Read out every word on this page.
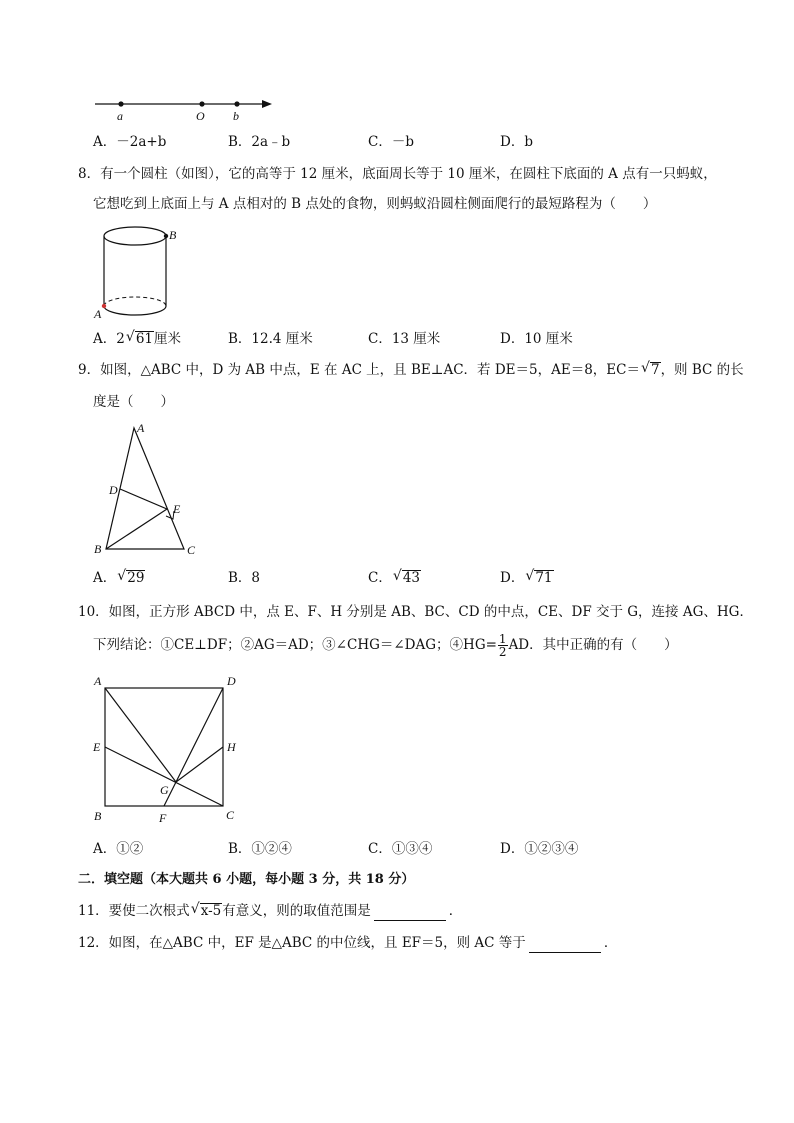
a	O b
A．－2a+b	B．2a﹣b	C．－b	D．b
8．有一个圆柱（如图），它的高等于 12 厘米，底面周长等于 10 厘米，在圆柱下底面的 A 点有一只蚂蚁，
它想吃到上底面上与 A 点相对的 B 点处的食物，则蚂蚁沿圆柱侧面爬行的最短路程为（　　）
B
A
A．2 √ 61厘米	B．12.4 厘米	C．13 厘米	D．10 厘米
9．如图，△ABC 中，D 为 AB 中点，E 在 AC 上，且 BE⊥AC．若 DE＝5，AE＝8，EC＝ √ 7，则 BC 的长
度是（　　）
A
D
E
B	C
A． √ 29	B．8	C． √ 43	D． √ 71
10．如图，正方形 ABCD 中，点 E、F、H 分别是 AB、BC、CD 的中点，CE、DF 交于 G，连接 AG、HG．
下列结论：①CE⊥DF；②AG＝AD；③∠CHG＝∠DAG；④HG= $\frac{1}{2}$ AD．其中正确的有（　　）
A	D
E	H
G
B	C
F
A．①②	B．①②④	C．①③④	D．①②③④
二．填空题（本大题共 6 小题，每小题 3 分，共 18 分）
11．要使二次根式 √ x-5有意义，则的取值范围是	．
12．如图，在△ABC 中，EF 是△ABC 的中位线，且 EF＝5，则 AC 等于	．
